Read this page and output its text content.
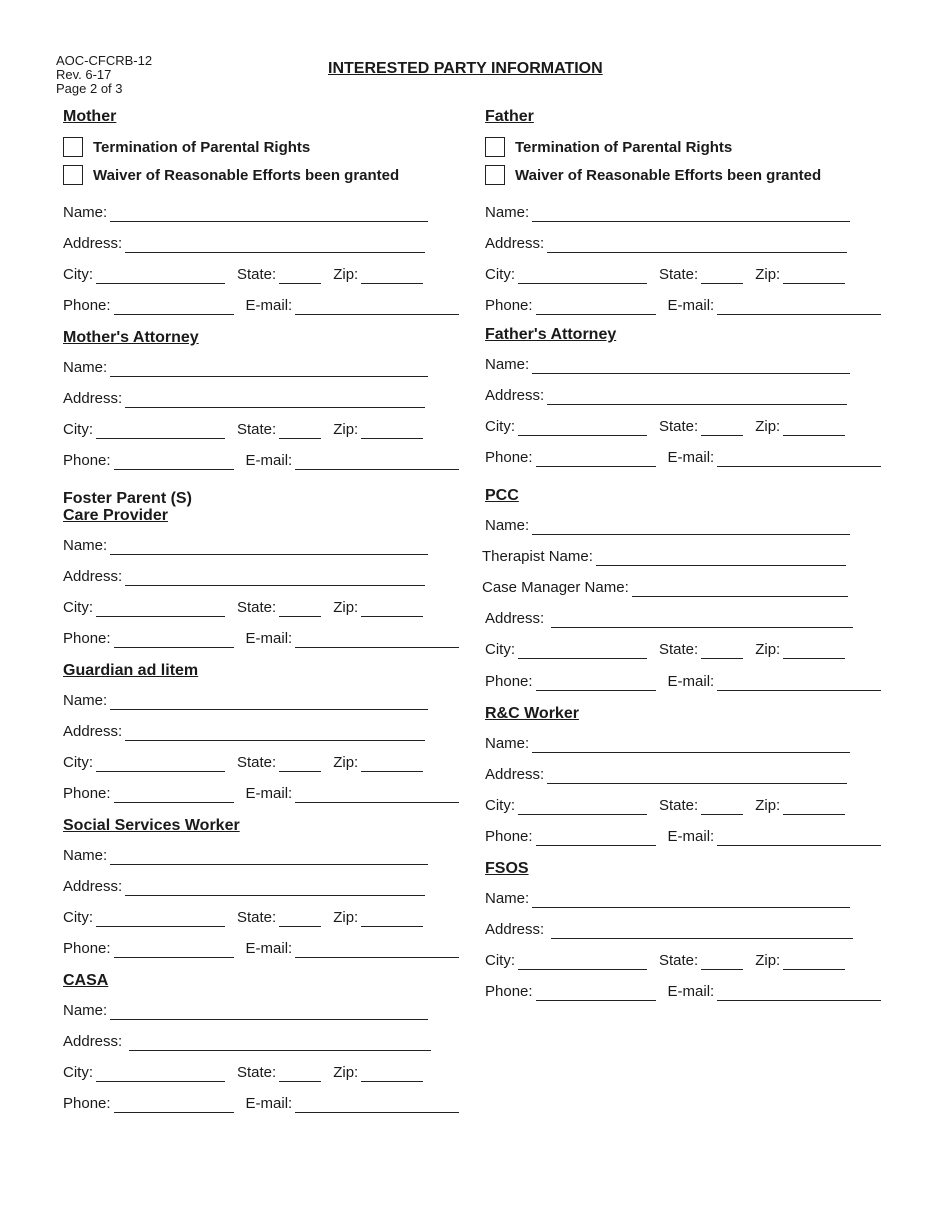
AOC-CFCRB-12
Rev. 6-17
Page 2 of 3
INTERESTED PARTY INFORMATION
Mother
Termination of Parental Rights
Waiver of Reasonable Efforts been granted
Name:
Address:
City:	State:	Zip:
Phone:	E-mail:
Mother's Attorney
Name:
Address:
City:	State:	Zip:
Phone:	E-mail:
Foster Parent (S)
Care Provider
Name:
Address:
City:	State:	Zip:
Phone:	E-mail:
Guardian ad litem
Name:
Address:
City:	State:	Zip:
Phone:	E-mail:
Social Services Worker
Name:
Address:
City:	State:	Zip:
Phone:	E-mail:
CASA
Name:
Address:
City:	State:	Zip:
Phone:	E-mail:
Father
Termination of Parental Rights
Waiver of Reasonable Efforts been granted
Name:
Address:
City:	State:	Zip:
Phone:	E-mail:
Father's Attorney
Name:
Address:
City:	State:	Zip:
Phone:	E-mail:
PCC
Name:
Therapist Name:
Case Manager Name:
Address:
City:	State:	Zip:
Phone:	E-mail:
R&C Worker
Name:
Address:
City:	State:	Zip:
Phone:	E-mail:
FSOS
Name:
Address:
City:	State:	Zip:
Phone:	E-mail:
